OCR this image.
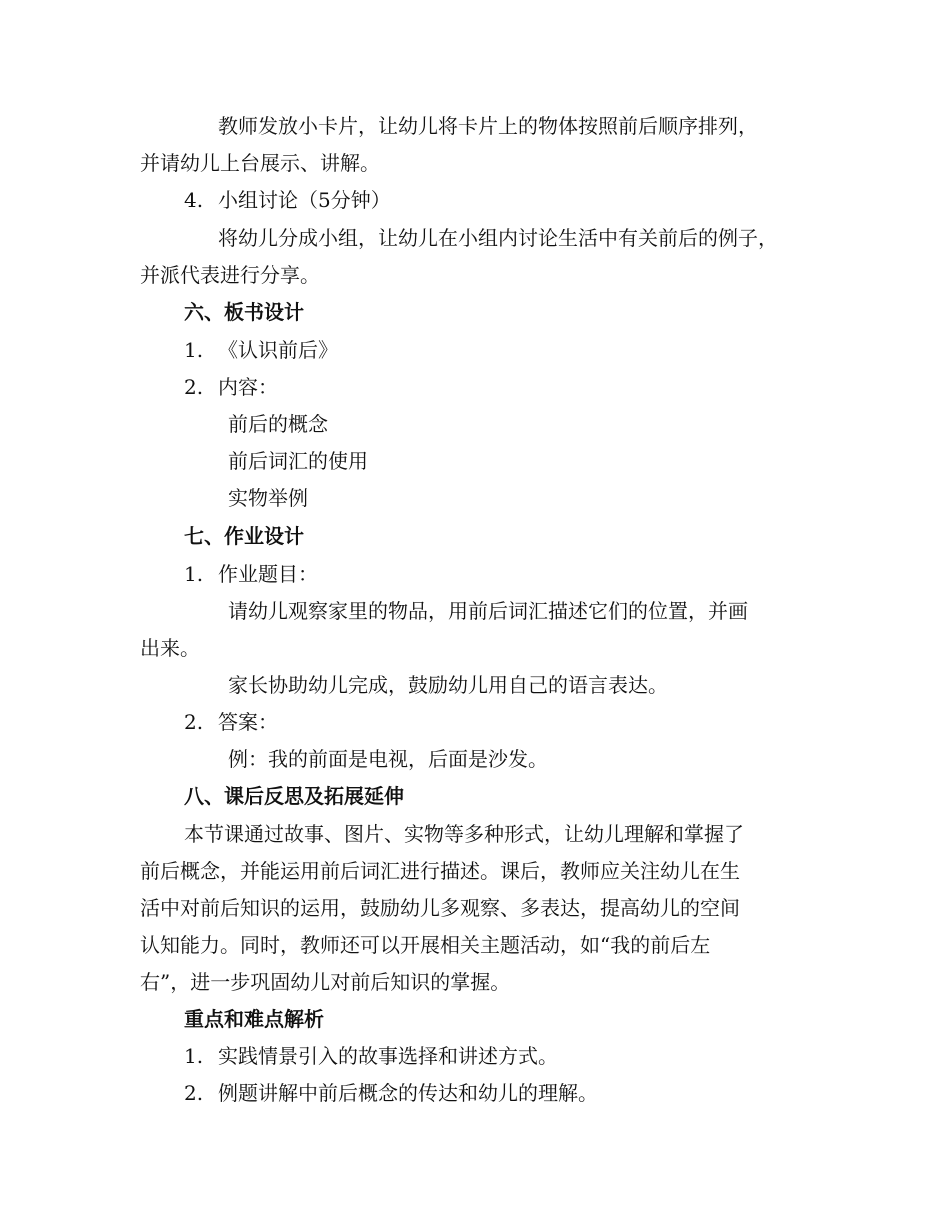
教师发放小卡片，让幼儿将卡片上的物体按照前后顺序排列，
并请幼儿上台展示、讲解。
4. 小组讨论（5分钟）
将幼儿分成小组，让幼儿在小组内讨论生活中有关前后的例子，
并派代表进行分享。
六、板书设计
1. 《认识前后》
2. 内容：
前后的概念
前后词汇的使用
实物举例
七、作业设计
1. 作业题目：
请幼儿观察家里的物品，用前后词汇描述它们的位置，并画
出来。
家长协助幼儿完成，鼓励幼儿用自己的语言表达。
2. 答案：
例：我的前面是电视，后面是沙发。
八、课后反思及拓展延伸
本节课通过故事、图片、实物等多种形式，让幼儿理解和掌握了
前后概念，并能运用前后词汇进行描述。课后，教师应关注幼儿在生
活中对前后知识的运用，鼓励幼儿多观察、多表达，提高幼儿的空间
认知能力。同时，教师还可以开展相关主题活动，如“我的前后左
右”，进一步巩固幼儿对前后知识的掌握。
重点和难点解析
1. 实践情景引入的故事选择和讲述方式。
2. 例题讲解中前后概念的传达和幼儿的理解。
